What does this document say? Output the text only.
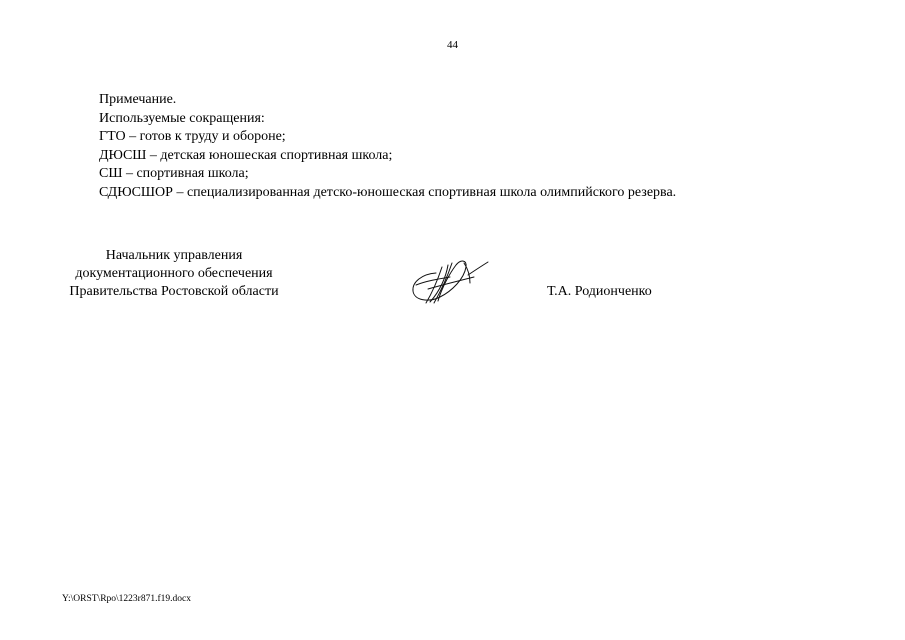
44
Примечание.
Используемые сокращения:
ГТО – готов к труду и обороне;
ДЮСШ – детская юношеская спортивная школа;
СШ – спортивная школа;
СДЮСШОР – специализированная детско-юношеская спортивная школа олимпийского резерва.
Начальник управления
документационного обеспечения
Правительства Ростовской области	Т.А. Родионченко
Y:\ORST\Rpo\1223r871.f19.docx
